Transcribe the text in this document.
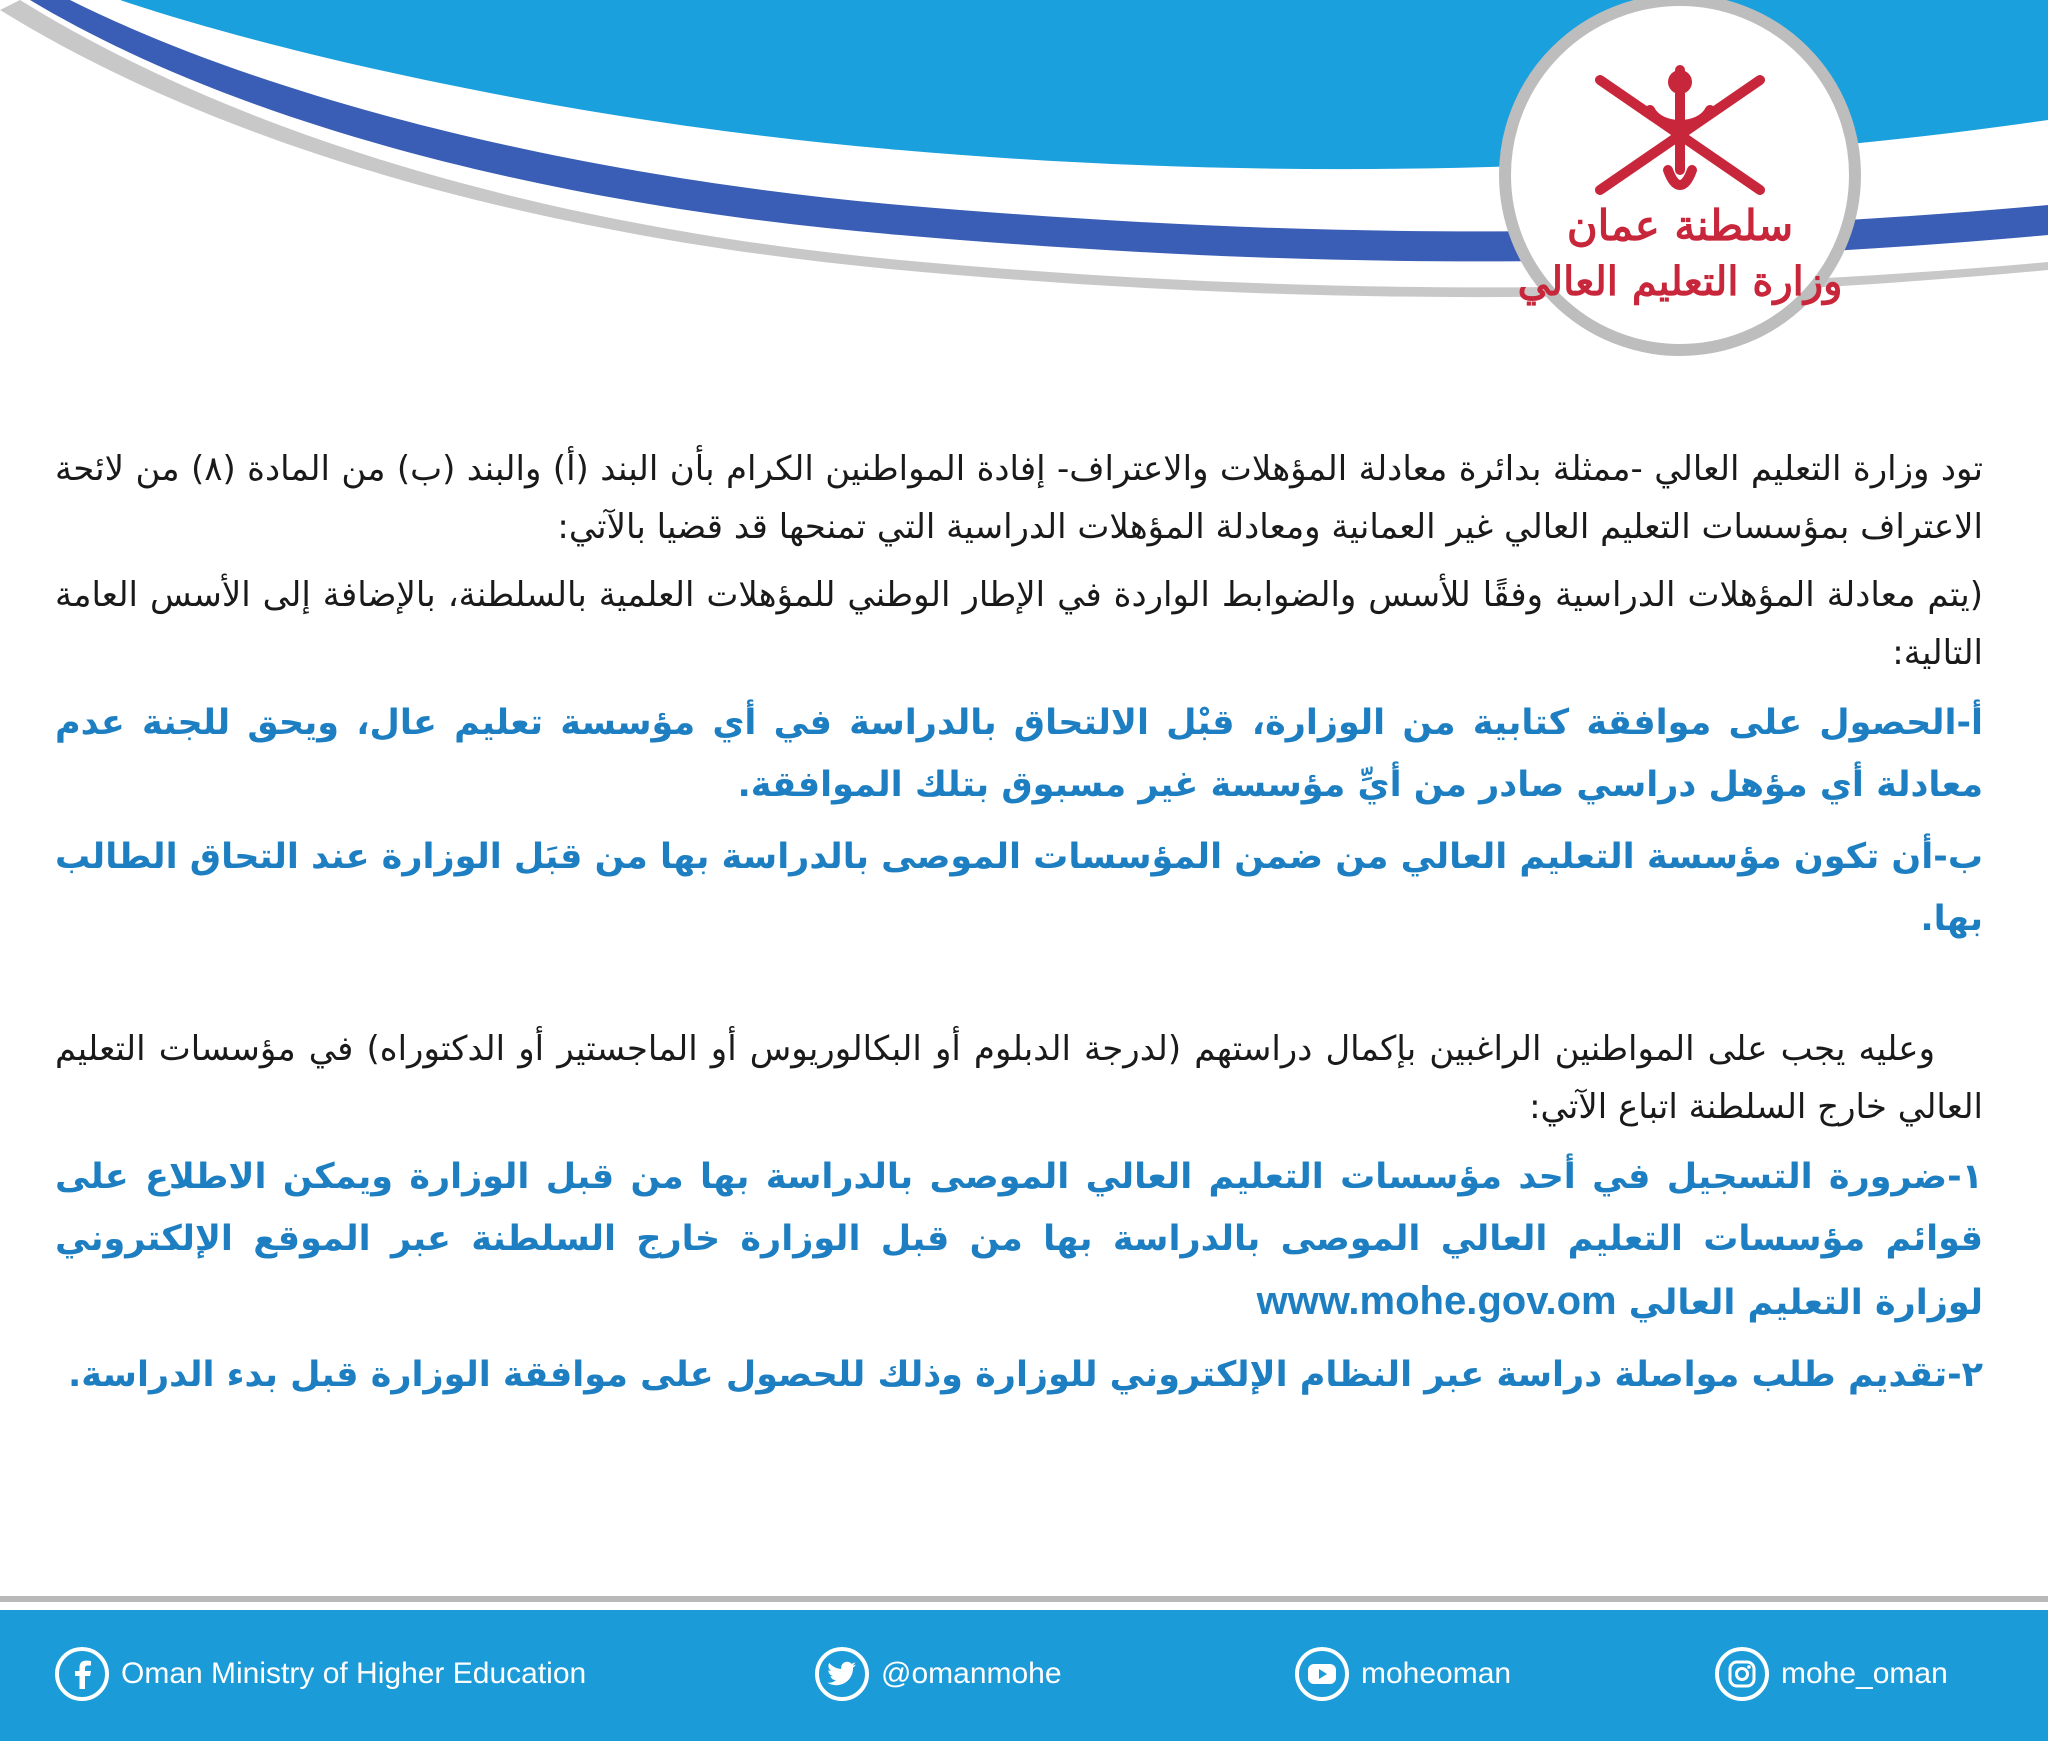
سلطنة عمان
وزارة التعليم العالي

تود وزارة التعليم العالي -ممثلة بدائرة معادلة المؤهلات والاعتراف- إفادة المواطنين الكرام بأن البند (أ) والبند (ب) من المادة (٨) من لائحة الاعتراف بمؤسسات التعليم العالي غير العمانية ومعادلة المؤهلات الدراسية التي تمنحها قد قضيا بالآتي:

(يتم معادلة المؤهلات الدراسية وفقًا للأسس والضوابط الواردة في الإطار الوطني للمؤهلات العلمية بالسلطنة، بالإضافة إلى الأسس العامة التالية:

أ-الحصول على موافقة كتابية من الوزارة، قبْل الالتحاق بالدراسة في أي مؤسسة تعليم عال، ويحق للجنة عدم معادلة أي مؤهل دراسي صادر من أيِّ مؤسسة غير مسبوق بتلك الموافقة.

ب-أن تكون مؤسسة التعليم العالي من ضمن المؤسسات الموصى بالدراسة بها من قبَل الوزارة عند التحاق الطالب بها.

وعليه يجب على المواطنين الراغبين بإكمال دراستهم (لدرجة الدبلوم أو البكالوريوس أو الماجستير أو الدكتوراه) في مؤسسات التعليم العالي خارج السلطنة اتباع الآتي:

١-ضرورة التسجيل في أحد مؤسسات التعليم العالي الموصى بالدراسة بها من قبل الوزارة ويمكن الاطلاع على قوائم مؤسسات التعليم العالي الموصى بالدراسة بها من قبل الوزارة خارج السلطنة عبر الموقع الإلكتروني لوزارة التعليم العالي www.mohe.gov.om

٢-تقديم طلب مواصلة دراسة عبر النظام الإلكتروني للوزارة وذلك للحصول على موافقة الوزارة قبل بدء الدراسة.

Oman Ministry of Higher Education	@omanmohe	moheoman	mohe_oman
